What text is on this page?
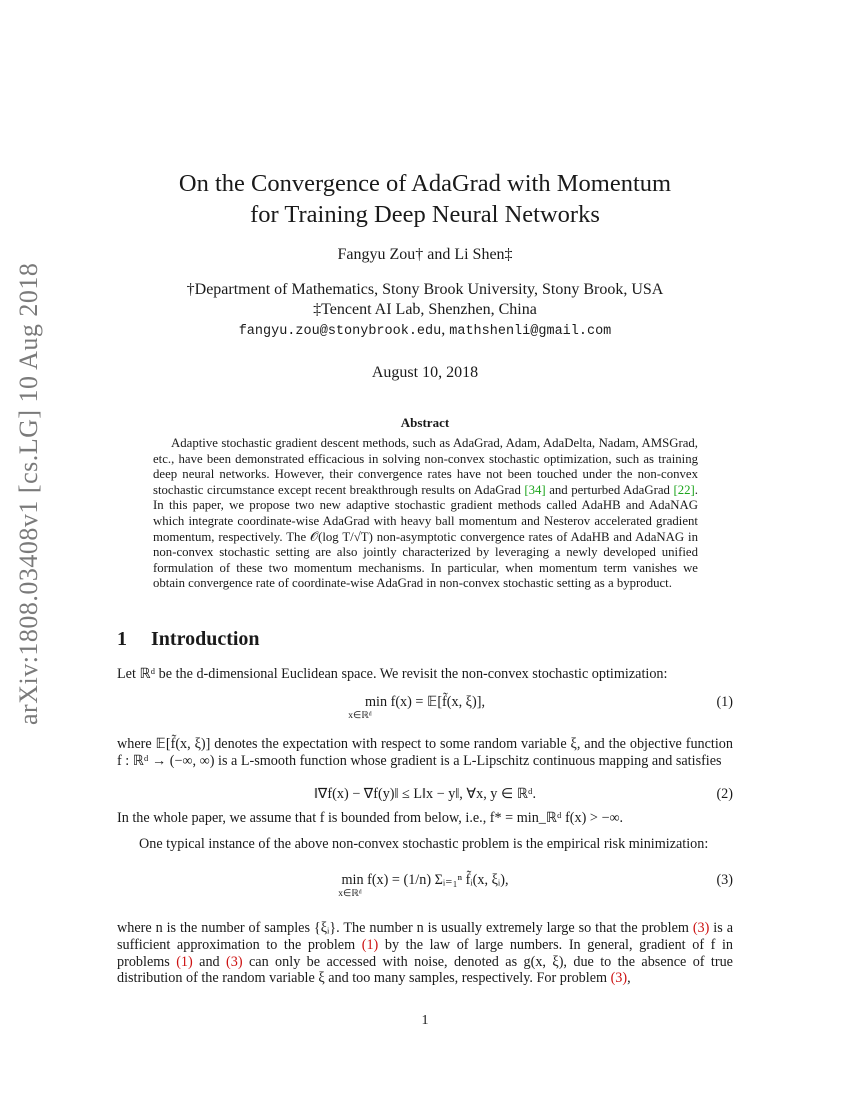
arXiv:1808.03408v1 [cs.LG] 10 Aug 2018
On the Convergence of AdaGrad with Momentum
for Training Deep Neural Networks
Fangyu Zou† and Li Shen‡
†Department of Mathematics, Stony Brook University, Stony Brook, USA
‡Tencent AI Lab, Shenzhen, China
fangyu.zou@stonybrook.edu, mathshenli@gmail.com
August 10, 2018
Abstract
Adaptive stochastic gradient descent methods, such as AdaGrad, Adam, AdaDelta, Nadam, AMSGrad, etc., have been demonstrated efficacious in solving non-convex stochastic optimization, such as training deep neural networks. However, their convergence rates have not been touched under the non-convex stochastic circumstance except recent breakthrough results on AdaGrad [34] and perturbed AdaGrad [22]. In this paper, we propose two new adaptive stochastic gradient methods called AdaHB and AdaNAG which integrate coordinate-wise AdaGrad with heavy ball momentum and Nesterov accelerated gradient momentum, respectively. The 𝒪(log T/√T) non-asymptotic convergence rates of AdaHB and AdaNAG in non-convex stochastic setting are also jointly characterized by leveraging a newly developed unified formulation of these two momentum mechanisms. In particular, when momentum term vanishes we obtain convergence rate of coordinate-wise AdaGrad in non-convex stochastic setting as a byproduct.
1 Introduction
Let ℝᵈ be the d-dimensional Euclidean space. We revisit the non-convex stochastic optimization:
min f(x) = 𝔼[f̃(x, ξ)],
x∈ℝᵈ
(1)
where 𝔼[f̃(x, ξ)] denotes the expectation with respect to some random variable ξ, and the objective function f : ℝᵈ → (−∞, ∞) is a L-smooth function whose gradient is a L-Lipschitz continuous mapping and satisfies
‖∇f(x) − ∇f(y)‖ ≤ L‖x − y‖, ∀x, y ∈ ℝᵈ.	(2)
In the whole paper, we assume that f is bounded from below, i.e., f* = min_ℝᵈ f(x) > −∞.
One typical instance of the above non-convex stochastic problem is the empirical risk minimization:
min f(x) = (1/n) Σᵢ₌₁ⁿ f̃ᵢ(x, ξᵢ),
x∈ℝᵈ
(3)
where n is the number of samples {ξᵢ}. The number n is usually extremely large so that the problem (3) is a sufficient approximation to the problem (1) by the law of large numbers. In general, gradient of f in problems (1) and (3) can only be accessed with noise, denoted as g(x, ξ), due to the absence of true distribution of the random variable ξ and too many samples, respectively. For problem (3),
1
